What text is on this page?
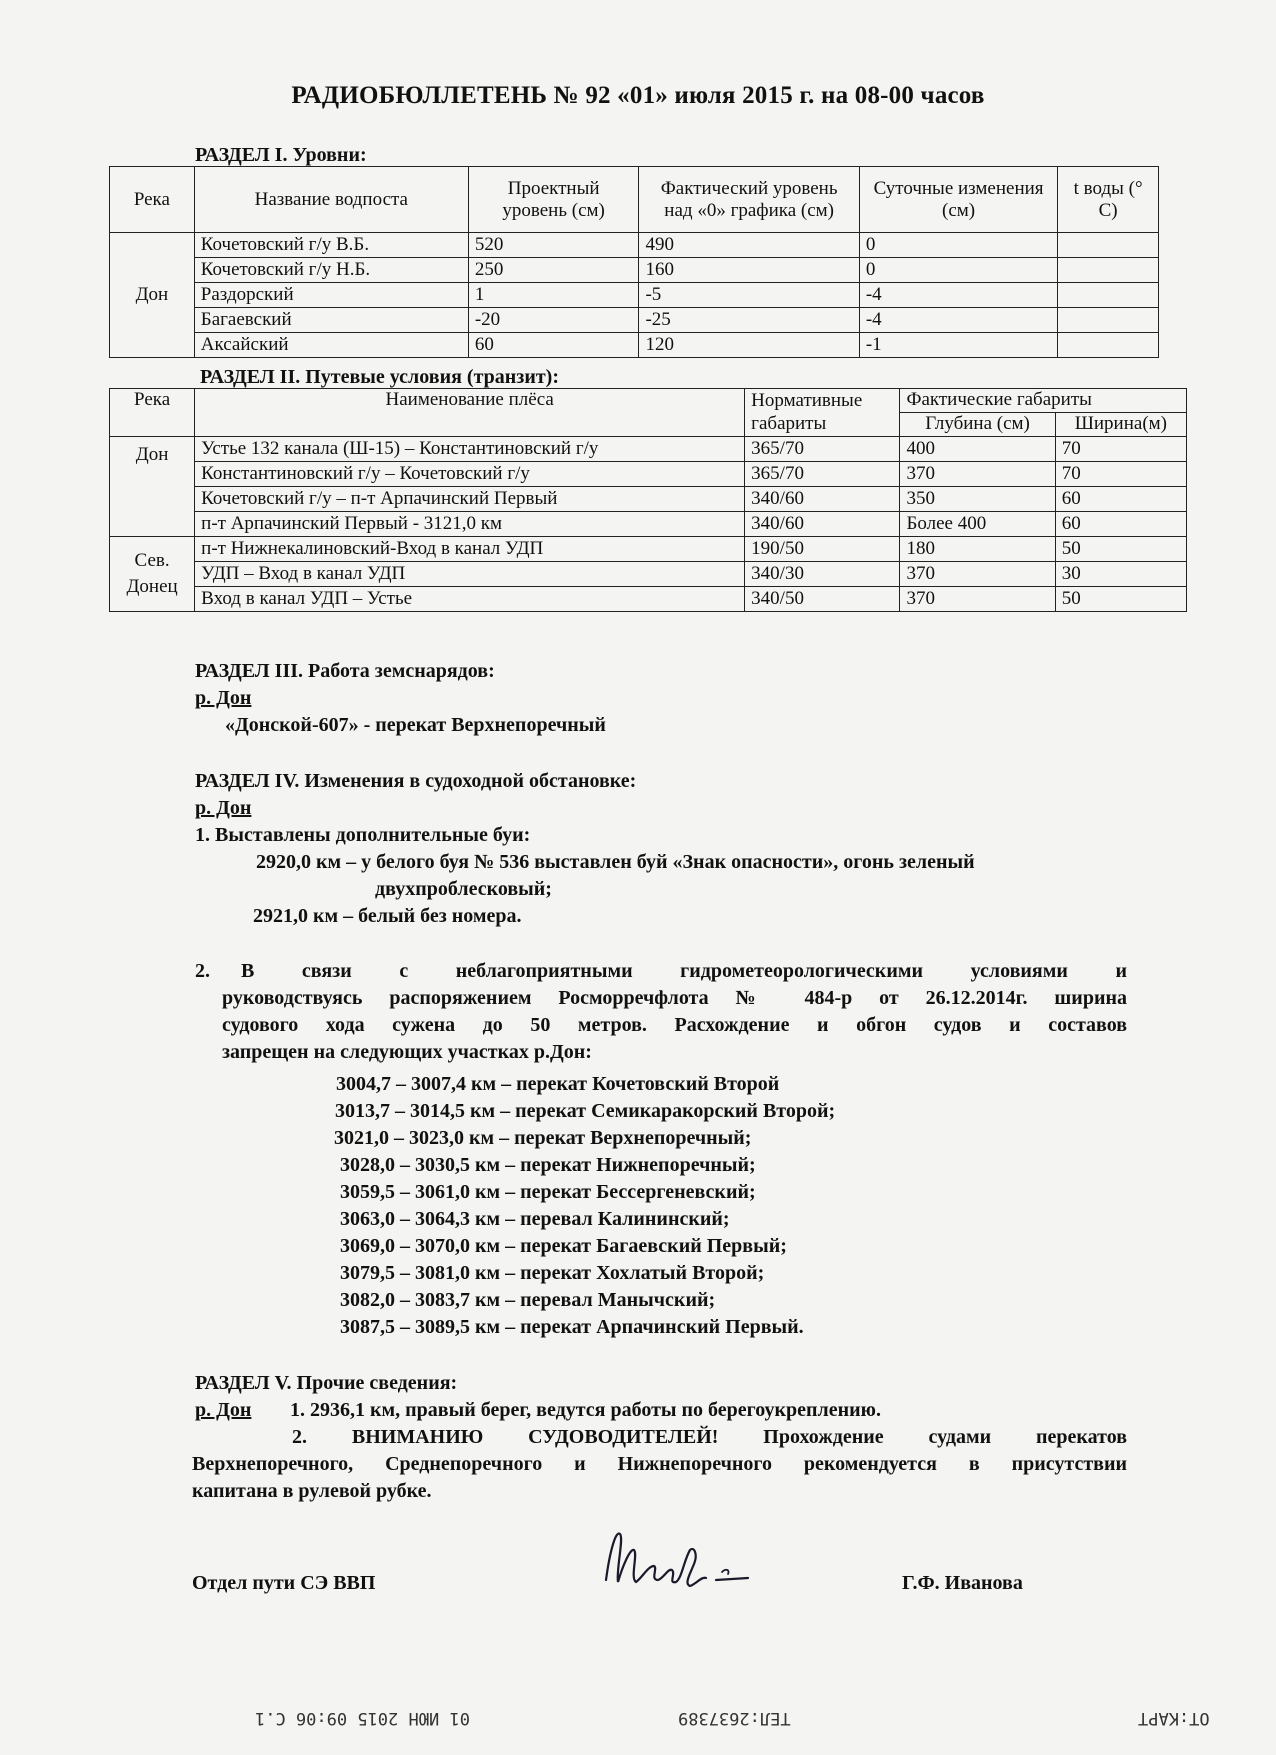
РАДИОБЮЛЛЕТЕНЬ № 92 «01» июля 2015 г. на 08-00 часов
РАЗДЕЛ I. Уровни:
Река	Название водпоста	Проектный уровень (см)	Фактический уровень над «0» графика (см)	Суточные изменения (см)	t воды (° С)
Дон	Кочетовский г/у В.Б.	520	490	0	
	Кочетовский г/у Н.Б.	250	160	0	
	Раздорский	1	-5	-4	
	Багаевский	-20	-25	-4	
	Аксайский	60	120	-1	
РАЗДЕЛ II. Путевые условия (транзит):
Река	Наименование плёса	Нормативные габариты	Фактические габариты	
			Глубина (см)	Ширина(м)
Дон	Устье 132 канала (Ш-15) – Константиновский г/у	365/70	400	70
	Константиновский г/у – Кочетовский г/у	365/70	370	70
	Кочетовский г/у – п-т Арпачинский Первый	340/60	350	60
	п-т Арпачинский Первый - 3121,0 км	340/60	Более 400	60
Сев. Донец	п-т Нижнекалиновский-Вход в канал УДП	190/50	180	50
	УДП – Вход в канал УДП	340/30	370	30
	Вход в канал УДП – Устье	340/50	370	50
РАЗДЕЛ III. Работа земснарядов:
р. Дон
«Донской-607» - перекат Верхнепоречный
РАЗДЕЛ IV. Изменения в судоходной обстановке:
р. Дон
1. Выставлены дополнительные буи:
2920,0 км – у белого буя № 536 выставлен буй «Знак опасности», огонь зеленый
двухпроблесковый;
2921,0 км – белый без номера.
2. В связи с неблагоприятными гидрометеорологическими условиями и
руководствуясь распоряжением Росморречфлота № 484-р от 26.12.2014г. ширина
судового хода сужена до 50 метров. Расхождение и обгон судов и составов
запрещен на следующих участках р.Дон:
3004,7 – 3007,4 км – перекат Кочетовский Второй
3013,7 – 3014,5 км – перекат Семикаракорский Второй;
3021,0 – 3023,0 км – перекат Верхнепоречный;
3028,0 – 3030,5 км – перекат Нижнепоречный;
3059,5 – 3061,0 км – перекат Бессергеневский;
3063,0 – 3064,3 км – перевал Калининский;
3069,0 – 3070,0 км – перекат Багаевский Первый;
3079,5 – 3081,0 км – перекат Хохлатый Второй;
3082,0 – 3083,7 км – перевал Манычский;
3087,5 – 3089,5 км – перекат Арпачинский Первый.
РАЗДЕЛ V. Прочие сведения:
р. Дон 1. 2936,1 км, правый берег, ведутся работы по берегоукреплению.
2. ВНИМАНИЮ СУДОВОДИТЕЛЕЙ! Прохождение судами перекатов
Верхнепоречного, Среднепоречного и Нижнепоречного рекомендуется в присутствии
капитана в рулевой рубке.
Отдел пути СЭ ВВП	Г.Ф. Иванова
01 ИЮН 2015 09:06 С.1	ТЕЛ:2637389	ОТ:КАРТ
